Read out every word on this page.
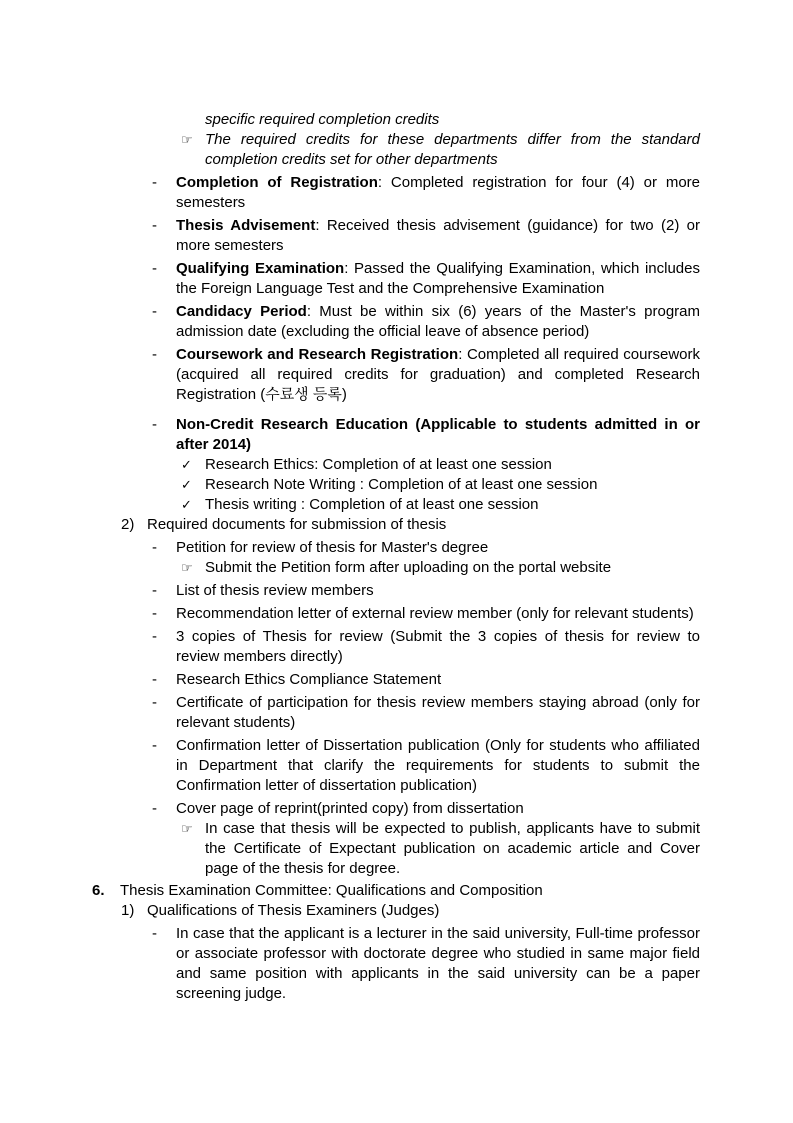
specific required completion credits
☞ The required credits for these departments differ from the standard completion credits set for other departments
-	Completion of Registration: Completed registration for four (4) or more semesters
-	Thesis Advisement: Received thesis advisement (guidance) for two (2) or more semesters
-	Qualifying Examination: Passed the Qualifying Examination, which includes the Foreign Language Test and the Comprehensive Examination
-	Candidacy Period: Must be within six (6) years of the Master's program admission date (excluding the official leave of absence period)
-	Coursework and Research Registration: Completed all required coursework (acquired all required credits for graduation) and completed Research Registration (수료생 등록)
-	Non-Credit Research Education (Applicable to students admitted in or after 2014)
✓ Research Ethics: Completion of at least one session
✓ Research Note Writing : Completion of at least one session
✓ Thesis writing : Completion of at least one session
2) Required documents for submission of thesis
-	Petition for review of thesis for Master's degree
☞ Submit the Petition form after uploading on the portal website
-	List of thesis review members
-	Recommendation letter of external review member (only for relevant students)
-	3 copies of Thesis for review (Submit the 3 copies of thesis for review to review members directly)
-	Research Ethics Compliance Statement
-	Certificate of participation for thesis review members staying abroad (only for relevant students)
-	Confirmation letter of Dissertation publication (Only for students who affiliated in Department that clarify the requirements for students to submit the Confirmation letter of dissertation publication)
-	Cover page of reprint(printed copy) from dissertation
☞ In case that thesis will be expected to publish, applicants have to submit the Certificate of Expectant publication on academic article and Cover page of the thesis for degree.
6.	Thesis Examination Committee: Qualifications and Composition
1) Qualifications of Thesis Examiners (Judges)
-	In case that the applicant is a lecturer in the said university, Full-time professor or associate professor with doctorate degree who studied in same major field and same position with applicants in the said university can be a paper screening judge.
